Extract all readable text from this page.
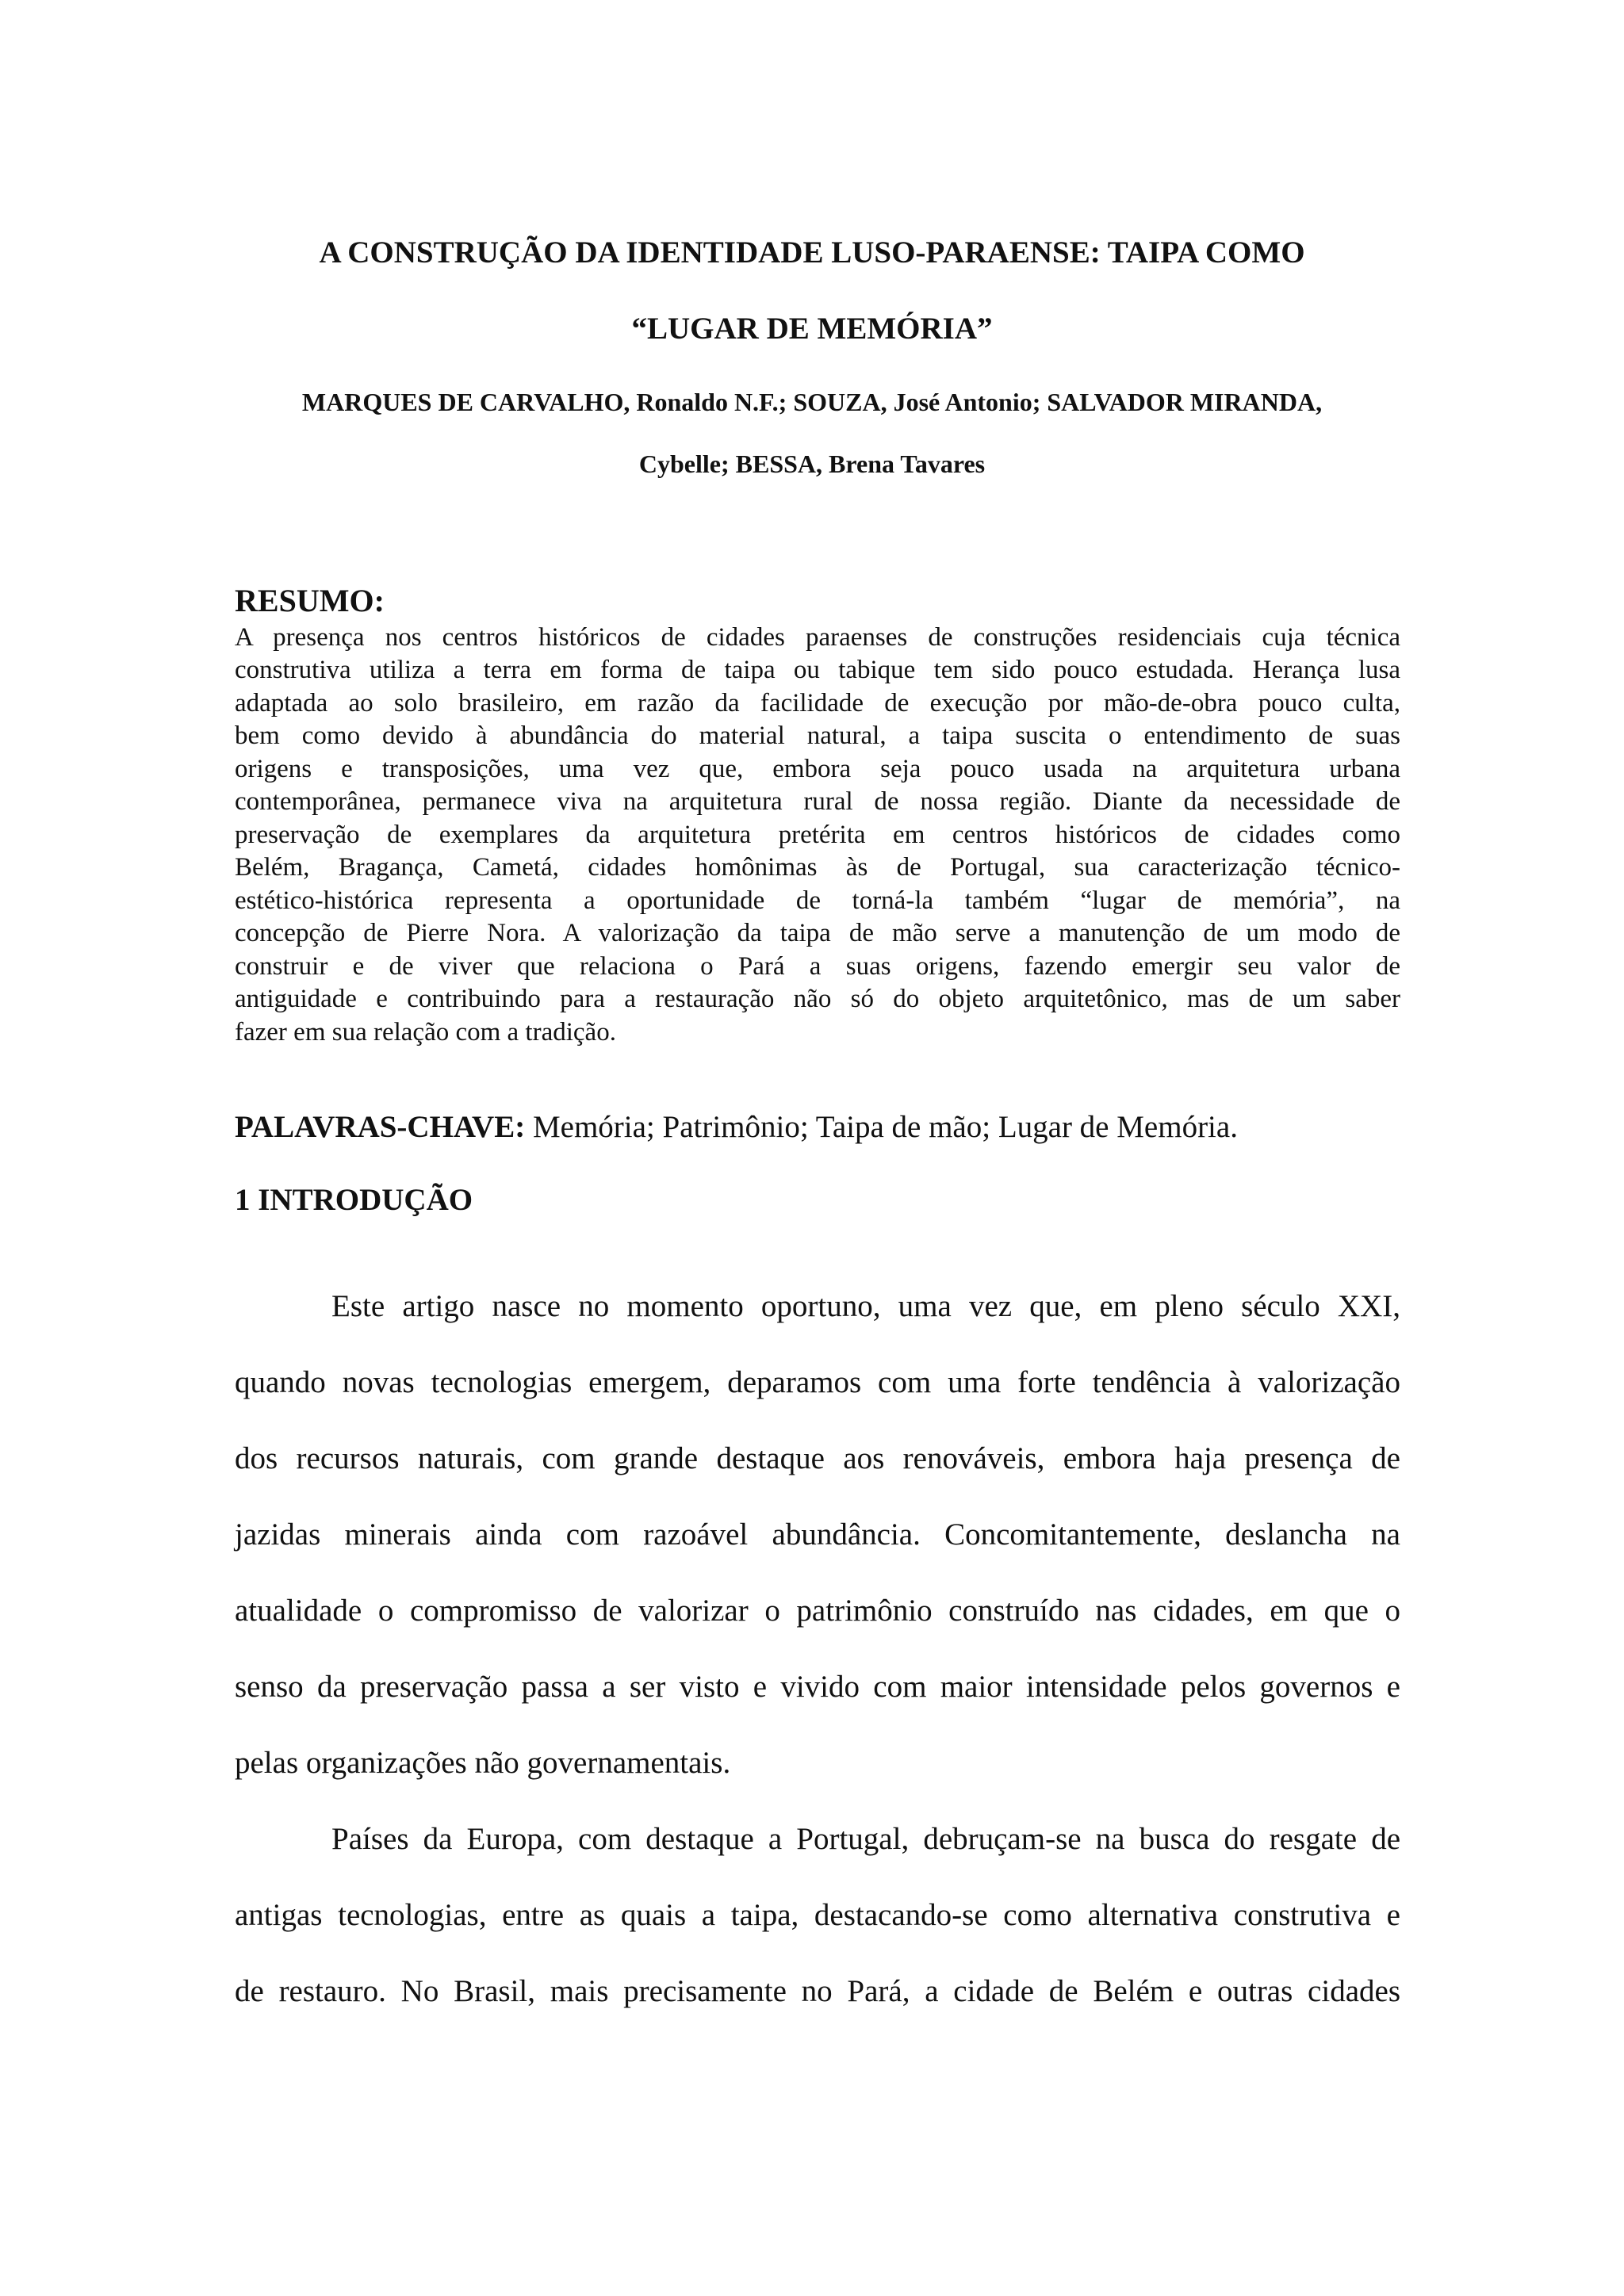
A CONSTRUÇÃO DA IDENTIDADE LUSO-PARAENSE: TAIPA COMO
“LUGAR DE MEMÓRIA”
MARQUES DE CARVALHO, Ronaldo N.F.; SOUZA, José Antonio; SALVADOR MIRANDA,
Cybelle; BESSA, Brena Tavares
RESUMO:
A presença nos centros históricos de cidades paraenses de construções residenciais cuja técnica
construtiva utiliza a terra em forma de taipa ou tabique tem sido pouco estudada. Herança lusa
adaptada ao solo brasileiro, em razão da facilidade de execução por mão-de-obra pouco culta,
bem como devido à abundância do material natural, a taipa suscita o entendimento de suas
origens e transposições, uma vez que, embora seja pouco usada na arquitetura urbana
contemporânea, permanece viva na arquitetura rural de nossa região. Diante da necessidade de
preservação de exemplares da arquitetura pretérita em centros históricos de cidades como
Belém, Bragança, Cametá, cidades homônimas às de Portugal, sua caracterização técnico-
estético-histórica representa a oportunidade de torná-la também “lugar de memória”, na
concepção de Pierre Nora. A valorização da taipa de mão serve a manutenção de um modo de
construir e de viver que relaciona o Pará a suas origens, fazendo emergir seu valor de
antiguidade e contribuindo para a restauração não só do objeto arquitetônico, mas de um saber
fazer em sua relação com a tradição.
PALAVRAS-CHAVE: Memória; Patrimônio; Taipa de mão; Lugar de Memória.
1 INTRODUÇÃO
Este artigo nasce no momento oportuno, uma vez que, em pleno século XXI,
quando novas tecnologias emergem, deparamos com uma forte tendência à valorização
dos recursos naturais, com grande destaque aos renováveis, embora haja presença de
jazidas minerais ainda com razoável abundância. Concomitantemente, deslancha na
atualidade o compromisso de valorizar o patrimônio construído nas cidades, em que o
senso da preservação passa a ser visto e vivido com maior intensidade pelos governos e
pelas organizações não governamentais.
Países da Europa, com destaque a Portugal, debruçam-se na busca do resgate de
antigas tecnologias, entre as quais a taipa, destacando-se como alternativa construtiva e
de restauro. No Brasil, mais precisamente no Pará, a cidade de Belém e outras cidades
